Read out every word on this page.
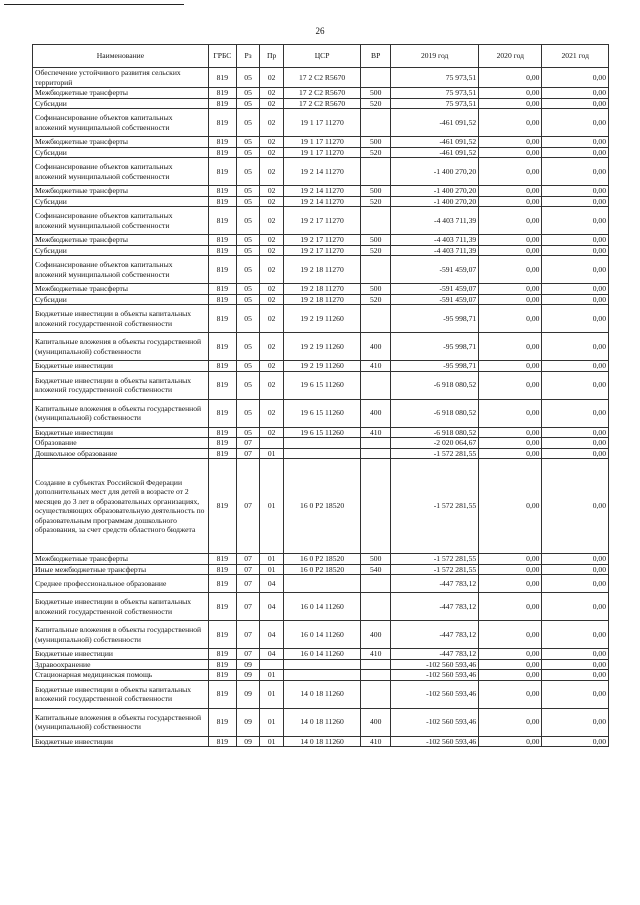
26
Наименование	ГРБС	Рз	Пр	ЦСР	ВР	2019 год	2020 год	2021 год
Обеспечение устойчивого развития сельских территорий	819	05	02	17 2 C2 R5670		75 973,51	0,00	0,00
Межбюджетные трансферты	819	05	02	17 2 C2 R5670	500	75 973,51	0,00	0,00
Субсидии	819	05	02	17 2 C2 R5670	520	75 973,51	0,00	0,00
Софинансирование объектов капитальных вложений муниципальной собственности	819	05	02	19 1 17 11270		-461 091,52	0,00	0,00
Межбюджетные трансферты	819	05	02	19 1 17 11270	500	-461 091,52	0,00	0,00
Субсидии	819	05	02	19 1 17 11270	520	-461 091,52	0,00	0,00
Софинансирование объектов капитальных вложений муниципальной собственности	819	05	02	19 2 14 11270		-1 400 270,20	0,00	0,00
Межбюджетные трансферты	819	05	02	19 2 14 11270	500	-1 400 270,20	0,00	0,00
Субсидии	819	05	02	19 2 14 11270	520	-1 400 270,20	0,00	0,00
Софинансирование объектов капитальных вложений муниципальной собственности	819	05	02	19 2 17 11270		-4 403 711,39	0,00	0,00
Межбюджетные трансферты	819	05	02	19 2 17 11270	500	-4 403 711,39	0,00	0,00
Субсидии	819	05	02	19 2 17 11270	520	-4 403 711,39	0,00	0,00
Софинансирование объектов капитальных вложений муниципальной собственности	819	05	02	19 2 18 11270		-591 459,07	0,00	0,00
Межбюджетные трансферты	819	05	02	19 2 18 11270	500	-591 459,07	0,00	0,00
Субсидии	819	05	02	19 2 18 11270	520	-591 459,07	0,00	0,00
Бюджетные инвестиции в объекты капитальных вложений государственной собственности	819	05	02	19 2 19 11260		-95 998,71	0,00	0,00
Капитальные вложения в объекты государственной (муниципальной) собственности	819	05	02	19 2 19 11260	400	-95 998,71	0,00	0,00
Бюджетные инвестиции	819	05	02	19 2 19 11260	410	-95 998,71	0,00	0,00
Бюджетные инвестиции в объекты капитальных вложений государственной собственности	819	05	02	19 6 15 11260		-6 918 080,52	0,00	0,00
Капитальные вложения в объекты государственной (муниципальной) собственности	819	05	02	19 6 15 11260	400	-6 918 080,52	0,00	0,00
Бюджетные инвестиции	819	05	02	19 6 15 11260	410	-6 918 080,52	0,00	0,00
Образование	819	07				-2 020 064,67	0,00	0,00
Дошкольное образование	819	07	01			-1 572 281,55	0,00	0,00
Создание в субъектах Российской Федерации дополнительных мест для детей в возрасте от 2 месяцев до 3 лет в образовательных организациях, осуществляющих образовательную деятельность по образовательным программам дошкольного образования, за счет средств областного бюджета	819	07	01	16 0 P2 18520		-1 572 281,55	0,00	0,00
Межбюджетные трансферты	819	07	01	16 0 P2 18520	500	-1 572 281,55	0,00	0,00
Иные межбюджетные трансферты	819	07	01	16 0 P2 18520	540	-1 572 281,55	0,00	0,00
Среднее профессиональное образование	819	07	04			-447 783,12	0,00	0,00
Бюджетные инвестиции в объекты капитальных вложений государственной собственности	819	07	04	16 0 14 11260		-447 783,12	0,00	0,00
Капитальные вложения в объекты государственной (муниципальной) собственности	819	07	04	16 0 14 11260	400	-447 783,12	0,00	0,00
Бюджетные инвестиции	819	07	04	16 0 14 11260	410	-447 783,12	0,00	0,00
Здравоохранение	819	09				-102 560 593,46	0,00	0,00
Стационарная медицинская помощь	819	09	01			-102 560 593,46	0,00	0,00
Бюджетные инвестиции в объекты капитальных вложений государственной собственности	819	09	01	14 0 18 11260		-102 560 593,46	0,00	0,00
Капитальные вложения в объекты государственной (муниципальной) собственности	819	09	01	14 0 18 11260	400	-102 560 593,46	0,00	0,00
Бюджетные инвестиции	819	09	01	14 0 18 11260	410	-102 560 593,46	0,00	0,00
